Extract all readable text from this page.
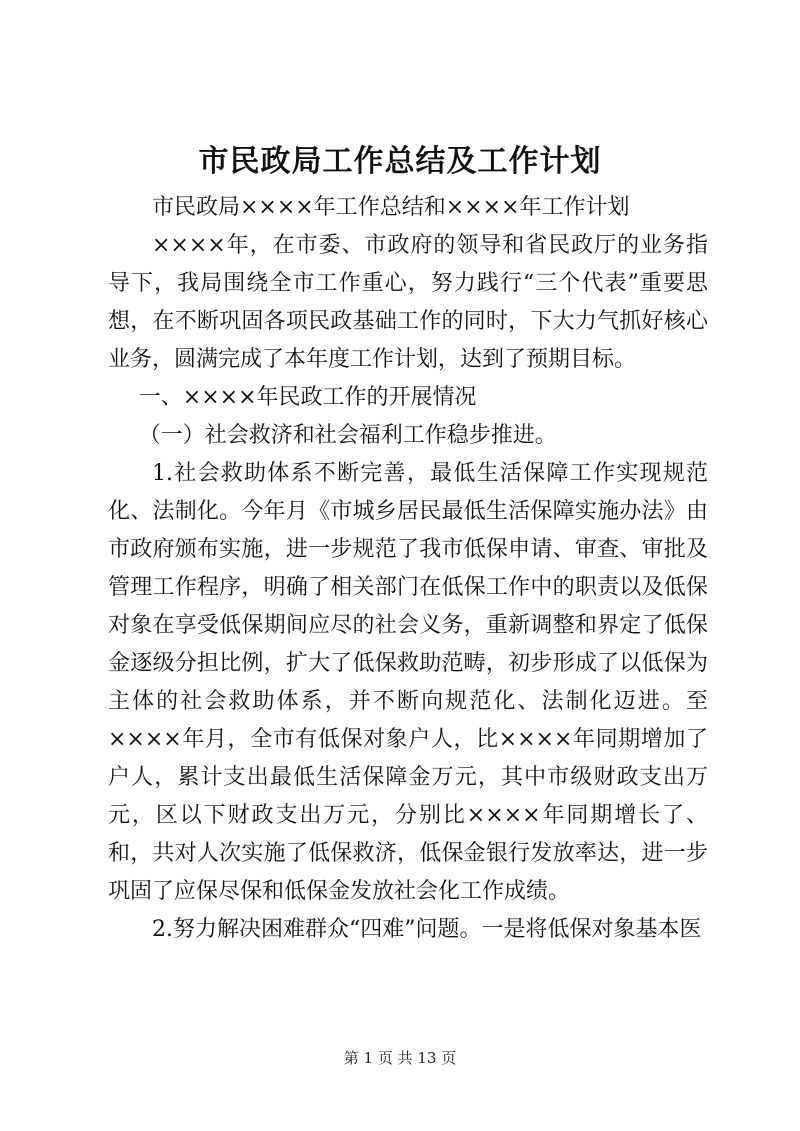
市民政局工作总结及工作计划

市民政局××××年工作总结和××××年工作计划

××××年，在市委、市政府的领导和省民政厅的业务指导下，我局围绕全市工作重心，努力践行“三个代表”重要思想，在不断巩固各项民政基础工作的同时，下大力气抓好核心业务，圆满完成了本年度工作计划，达到了预期目标。

一、××××年民政工作的开展情况

（一）社会救济和社会福利工作稳步推进。

1.社会救助体系不断完善，最低生活保障工作实现规范化、法制化。今年月《市城乡居民最低生活保障实施办法》由市政府颁布实施，进一步规范了我市低保申请、审查、审批及管理工作程序，明确了相关部门在低保工作中的职责以及低保对象在享受低保期间应尽的社会义务，重新调整和界定了低保金逐级分担比例，扩大了低保救助范畴，初步形成了以低保为主体的社会救助体系，并不断向规范化、法制化迈进。至××××年月，全市有低保对象户人，比××××年同期增加了户人，累计支出最低生活保障金万元，其中市级财政支出万元，区以下财政支出万元，分别比××××年同期增长了、和，共对人次实施了低保救济，低保金银行发放率达，进一步巩固了应保尽保和低保金发放社会化工作成绩。

2.努力解决困难群众“四难”问题。一是将低保对象基本医

第 1 页 共 13 页
